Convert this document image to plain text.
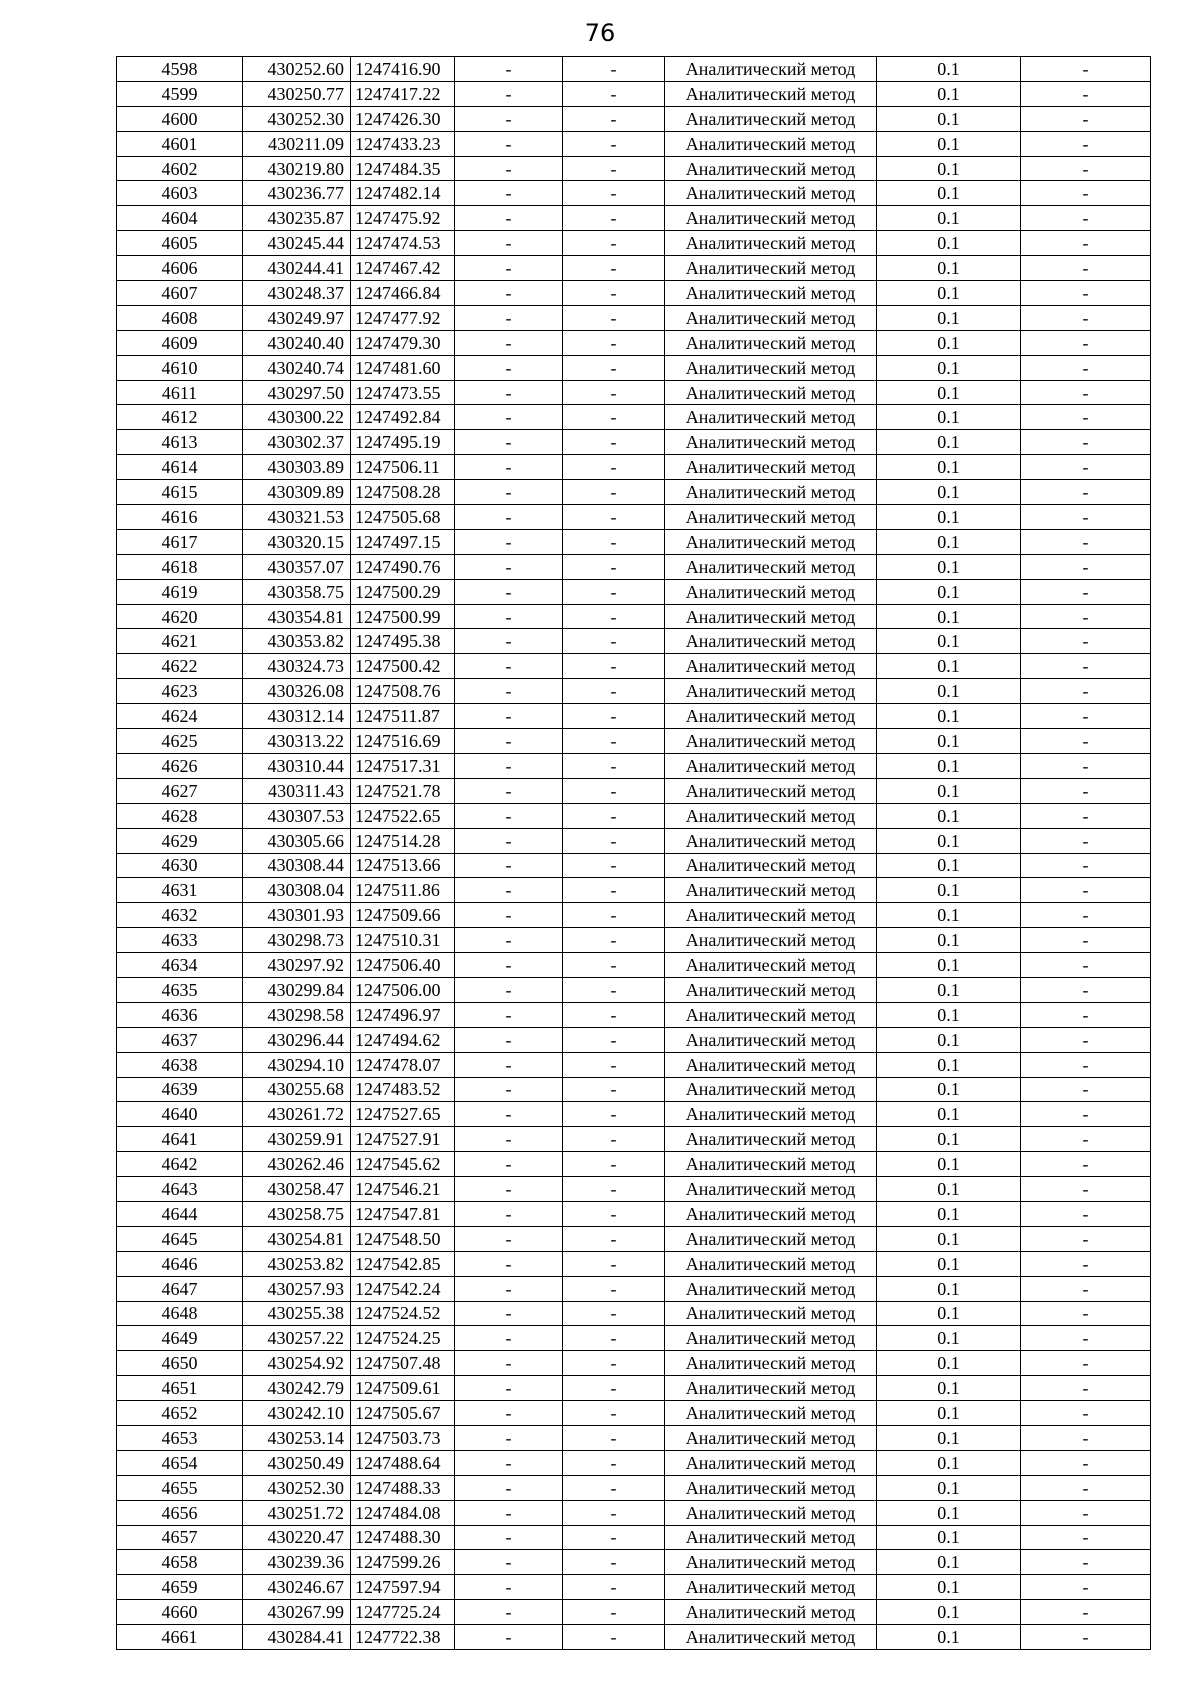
76
4598	430252.60	1247416.90	-	-	Аналитический метод	0.1	-
4599	430250.77	1247417.22	-	-	Аналитический метод	0.1	-
4600	430252.30	1247426.30	-	-	Аналитический метод	0.1	-
4601	430211.09	1247433.23	-	-	Аналитический метод	0.1	-
4602	430219.80	1247484.35	-	-	Аналитический метод	0.1	-
4603	430236.77	1247482.14	-	-	Аналитический метод	0.1	-
4604	430235.87	1247475.92	-	-	Аналитический метод	0.1	-
4605	430245.44	1247474.53	-	-	Аналитический метод	0.1	-
4606	430244.41	1247467.42	-	-	Аналитический метод	0.1	-
4607	430248.37	1247466.84	-	-	Аналитический метод	0.1	-
4608	430249.97	1247477.92	-	-	Аналитический метод	0.1	-
4609	430240.40	1247479.30	-	-	Аналитический метод	0.1	-
4610	430240.74	1247481.60	-	-	Аналитический метод	0.1	-
4611	430297.50	1247473.55	-	-	Аналитический метод	0.1	-
4612	430300.22	1247492.84	-	-	Аналитический метод	0.1	-
4613	430302.37	1247495.19	-	-	Аналитический метод	0.1	-
4614	430303.89	1247506.11	-	-	Аналитический метод	0.1	-
4615	430309.89	1247508.28	-	-	Аналитический метод	0.1	-
4616	430321.53	1247505.68	-	-	Аналитический метод	0.1	-
4617	430320.15	1247497.15	-	-	Аналитический метод	0.1	-
4618	430357.07	1247490.76	-	-	Аналитический метод	0.1	-
4619	430358.75	1247500.29	-	-	Аналитический метод	0.1	-
4620	430354.81	1247500.99	-	-	Аналитический метод	0.1	-
4621	430353.82	1247495.38	-	-	Аналитический метод	0.1	-
4622	430324.73	1247500.42	-	-	Аналитический метод	0.1	-
4623	430326.08	1247508.76	-	-	Аналитический метод	0.1	-
4624	430312.14	1247511.87	-	-	Аналитический метод	0.1	-
4625	430313.22	1247516.69	-	-	Аналитический метод	0.1	-
4626	430310.44	1247517.31	-	-	Аналитический метод	0.1	-
4627	430311.43	1247521.78	-	-	Аналитический метод	0.1	-
4628	430307.53	1247522.65	-	-	Аналитический метод	0.1	-
4629	430305.66	1247514.28	-	-	Аналитический метод	0.1	-
4630	430308.44	1247513.66	-	-	Аналитический метод	0.1	-
4631	430308.04	1247511.86	-	-	Аналитический метод	0.1	-
4632	430301.93	1247509.66	-	-	Аналитический метод	0.1	-
4633	430298.73	1247510.31	-	-	Аналитический метод	0.1	-
4634	430297.92	1247506.40	-	-	Аналитический метод	0.1	-
4635	430299.84	1247506.00	-	-	Аналитический метод	0.1	-
4636	430298.58	1247496.97	-	-	Аналитический метод	0.1	-
4637	430296.44	1247494.62	-	-	Аналитический метод	0.1	-
4638	430294.10	1247478.07	-	-	Аналитический метод	0.1	-
4639	430255.68	1247483.52	-	-	Аналитический метод	0.1	-
4640	430261.72	1247527.65	-	-	Аналитический метод	0.1	-
4641	430259.91	1247527.91	-	-	Аналитический метод	0.1	-
4642	430262.46	1247545.62	-	-	Аналитический метод	0.1	-
4643	430258.47	1247546.21	-	-	Аналитический метод	0.1	-
4644	430258.75	1247547.81	-	-	Аналитический метод	0.1	-
4645	430254.81	1247548.50	-	-	Аналитический метод	0.1	-
4646	430253.82	1247542.85	-	-	Аналитический метод	0.1	-
4647	430257.93	1247542.24	-	-	Аналитический метод	0.1	-
4648	430255.38	1247524.52	-	-	Аналитический метод	0.1	-
4649	430257.22	1247524.25	-	-	Аналитический метод	0.1	-
4650	430254.92	1247507.48	-	-	Аналитический метод	0.1	-
4651	430242.79	1247509.61	-	-	Аналитический метод	0.1	-
4652	430242.10	1247505.67	-	-	Аналитический метод	0.1	-
4653	430253.14	1247503.73	-	-	Аналитический метод	0.1	-
4654	430250.49	1247488.64	-	-	Аналитический метод	0.1	-
4655	430252.30	1247488.33	-	-	Аналитический метод	0.1	-
4656	430251.72	1247484.08	-	-	Аналитический метод	0.1	-
4657	430220.47	1247488.30	-	-	Аналитический метод	0.1	-
4658	430239.36	1247599.26	-	-	Аналитический метод	0.1	-
4659	430246.67	1247597.94	-	-	Аналитический метод	0.1	-
4660	430267.99	1247725.24	-	-	Аналитический метод	0.1	-
4661	430284.41	1247722.38	-	-	Аналитический метод	0.1	-
